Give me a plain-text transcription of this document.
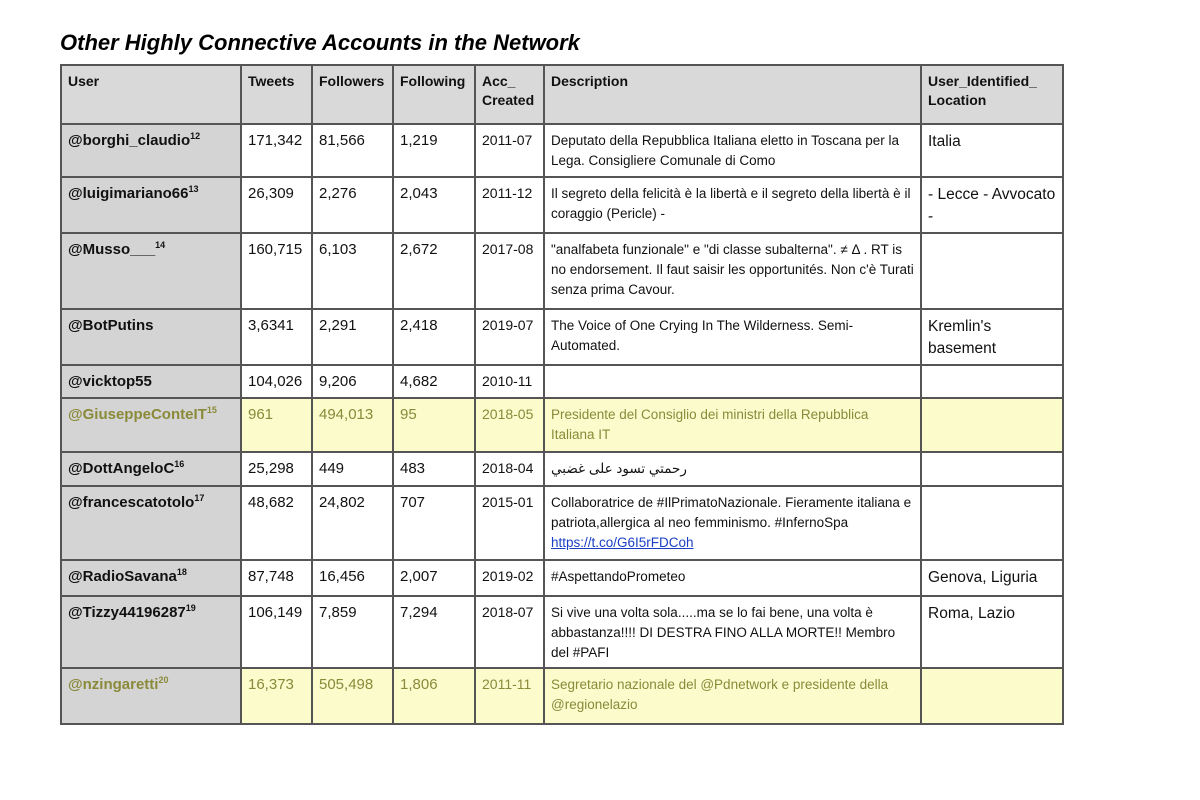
Other Highly Connective Accounts in the Network
User	Tweets	Followers	Following	Acc_ Created	Description	User_Identified_ Location
@borghi_claudio$^{12}$	171,342	81,566	1,219	2011-07	Deputato della Repubblica Italiana eletto in Toscana per la Lega. Consigliere Comunale di Como	Italia
$@luigimariano66^{13}$	26,309	2,276	2,043	2011-12	Il segreto della felicità è la libertà e il segreto della libertà è il coraggio (Pericle) -	- Lecce - Avvocato -
@Musso___$^{14}$	160,715	6,103	2,672	2017-08	"analfabeta funzionale" e "di classe subalterna". ≠ Δ . RT is no endorsement. Il faut saisir les opportunités. Non c'è Turati senza prima Cavour.	
@BotPutins	3,6341	2,291	2,418	2019-07	The Voice of One Crying In The Wilderness. Semi-Automated.	Kremlin's basement
@vicktop55	104,026	9,206	4,682	2010-11		
@GiuseppeConteIT$^{15}$	961	494,013	95	2018-05	Presidente del Consiglio dei ministri della Repubblica Italiana IT	
@DottAngeloC$^{16}$	25,298	449	483	2018-04	رحمتي تسود على غضبي	
@francescatotolo$^{17}$	48,682	24,802	707	2015-01	Collaboratrice de #IlPrimatoNazionale. Fieramente italiana e patriota,allergica al neo femminismo. #InfernoSpa https://t.co/G6I5rFDCoh	
@RadioSavana$^{18}$	87,748	16,456	2,007	2019-02	#AspettandoPrometeo	Genova, Liguria
@Tizzy44196287$^{19}$	106,149	7,859	7,294	2018-07	Si vive una volta sola.....ma se lo fai bene, una volta è abbastanza!!!! DI DESTRA FINO ALLA MORTE!! Membro del #PAFI	Roma, Lazio
@nzingaretti$^{20}$	16,373	505,498	1,806	2011-11	Segretario nazionale del @Pdnetwork e presidente della @regionelazio	
